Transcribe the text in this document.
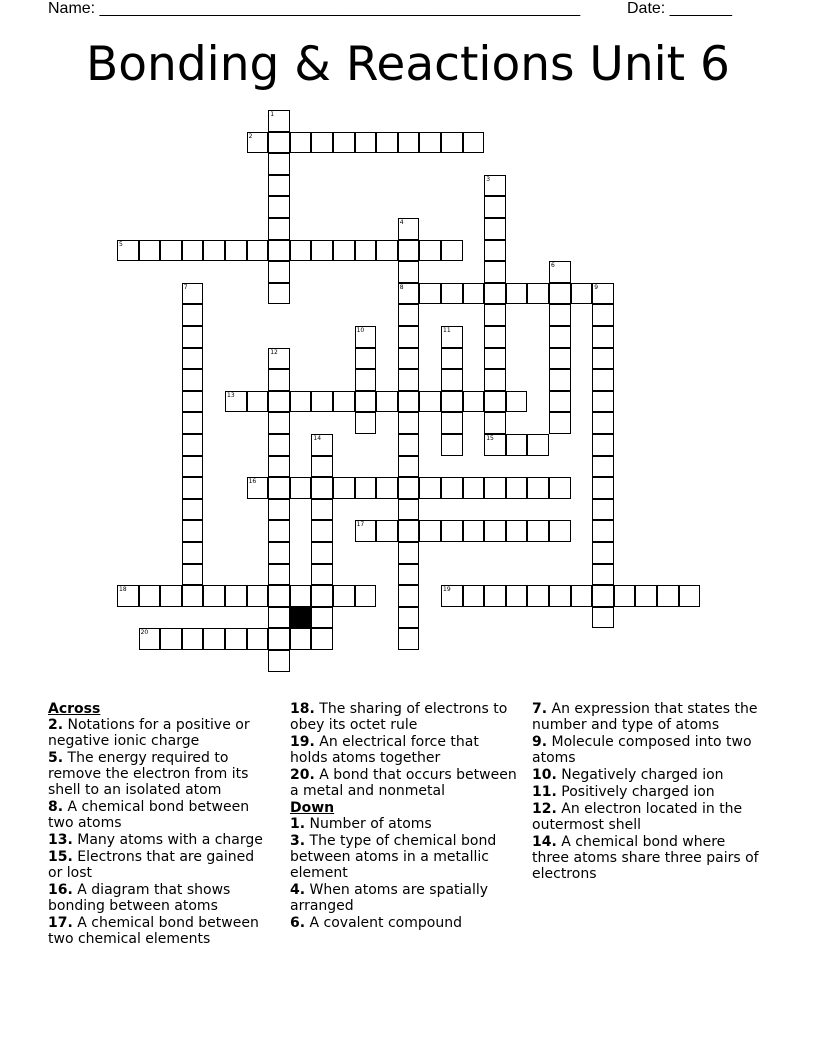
Name: ______________________________________________________	Date: _______
Bonding & Reactions Unit 6
1
2
3
15
4
8
5
6
7	9
10	11
12
13
14
16
17
18	19
20
Across
2. Notations for a positive or negative ionic charge
5. The energy required to remove the electron from its shell to an isolated atom
8. A chemical bond between two atoms
13. Many atoms with a charge
15. Electrons that are gained or lost
16. A diagram that shows bonding between atoms
17. A chemical bond between two chemical elements
18. The sharing of electrons to obey its octet rule
19. An electrical force that holds atoms together
20. A bond that occurs between a metal and nonmetal
Down
1. Number of atoms
3. The type of chemical bond between atoms in a metallic element
4. When atoms are spatially arranged
6. A covalent compound
7. An expression that states the number and type of atoms
9. Molecule composed into two atoms
10. Negatively charged ion
11. Positively charged ion
12. An electron located in the outermost shell
14. A chemical bond where three atoms share three pairs of electrons
